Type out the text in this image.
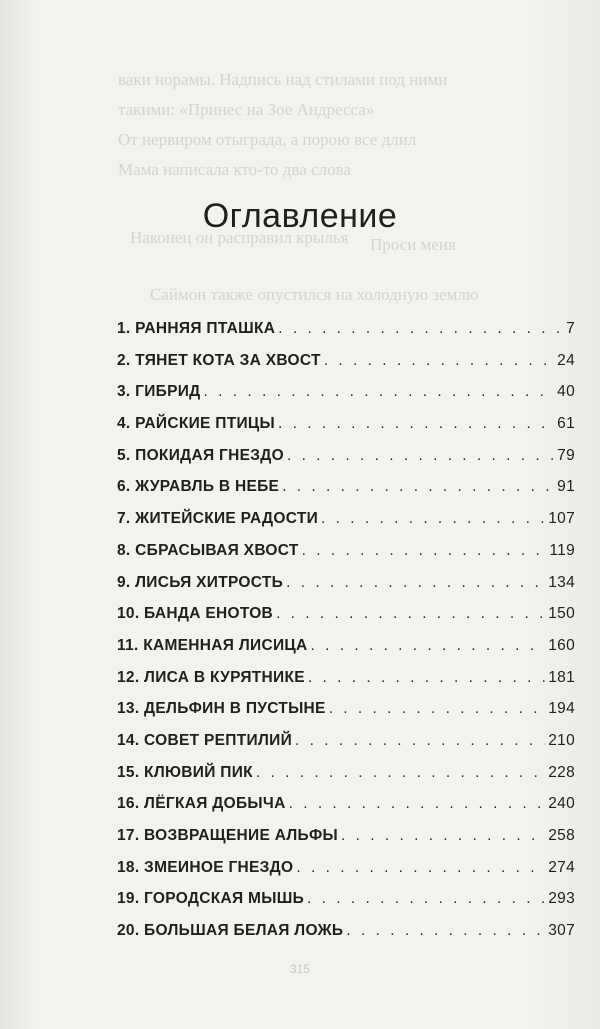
ваки норамы. Надпись над стилами под ними
такими: «Принес на Зое Андресса»
От нервиром отыграда, а порою все длил
Мама написала кто-то два слова
Проси меня
Саймон также опустился на холодную землю
Наконец он расправил крылья
Оглавление
1. РАННЯЯ ПТАШКА . . .	7
2. ТЯНЕТ КОТА ЗА ХВОСТ . . .	24
3. ГИБРИД . . .	40
4. РАЙСКИЕ ПТИЦЫ . . .	61
5. ПОКИДАЯ ГНЕЗДО . . .	79
6. ЖУРАВЛЬ В НЕБЕ . . .	91
7. ЖИТЕЙСКИЕ РАДОСТИ . . .	107
8. СБРАСЫВАЯ ХВОСТ . . .	119
9. ЛИСЬЯ ХИТРОСТЬ . . .	134
10. БАНДА ЕНОТОВ . . .	150
11. КАМЕННАЯ ЛИСИЦА . . .	160
12. ЛИСА В КУРЯТНИКЕ . . .	181
13. ДЕЛЬФИН В ПУСТЫНЕ . . .	194
14. СОВЕТ РЕПТИЛИЙ . . .	210
15. КЛЮВИЙ ПИК . . .	228
16. ЛЁГКАЯ ДОБЫЧА . . .	240
17. ВОЗВРАЩЕНИЕ АЛЬФЫ . . .	258
18. ЗМЕИНОЕ ГНЕЗДО . . .	274
19. ГОРОДСКАЯ МЫШЬ . . .	293
20. БОЛЬШАЯ БЕЛАЯ ЛОЖЬ . . .	307
315
